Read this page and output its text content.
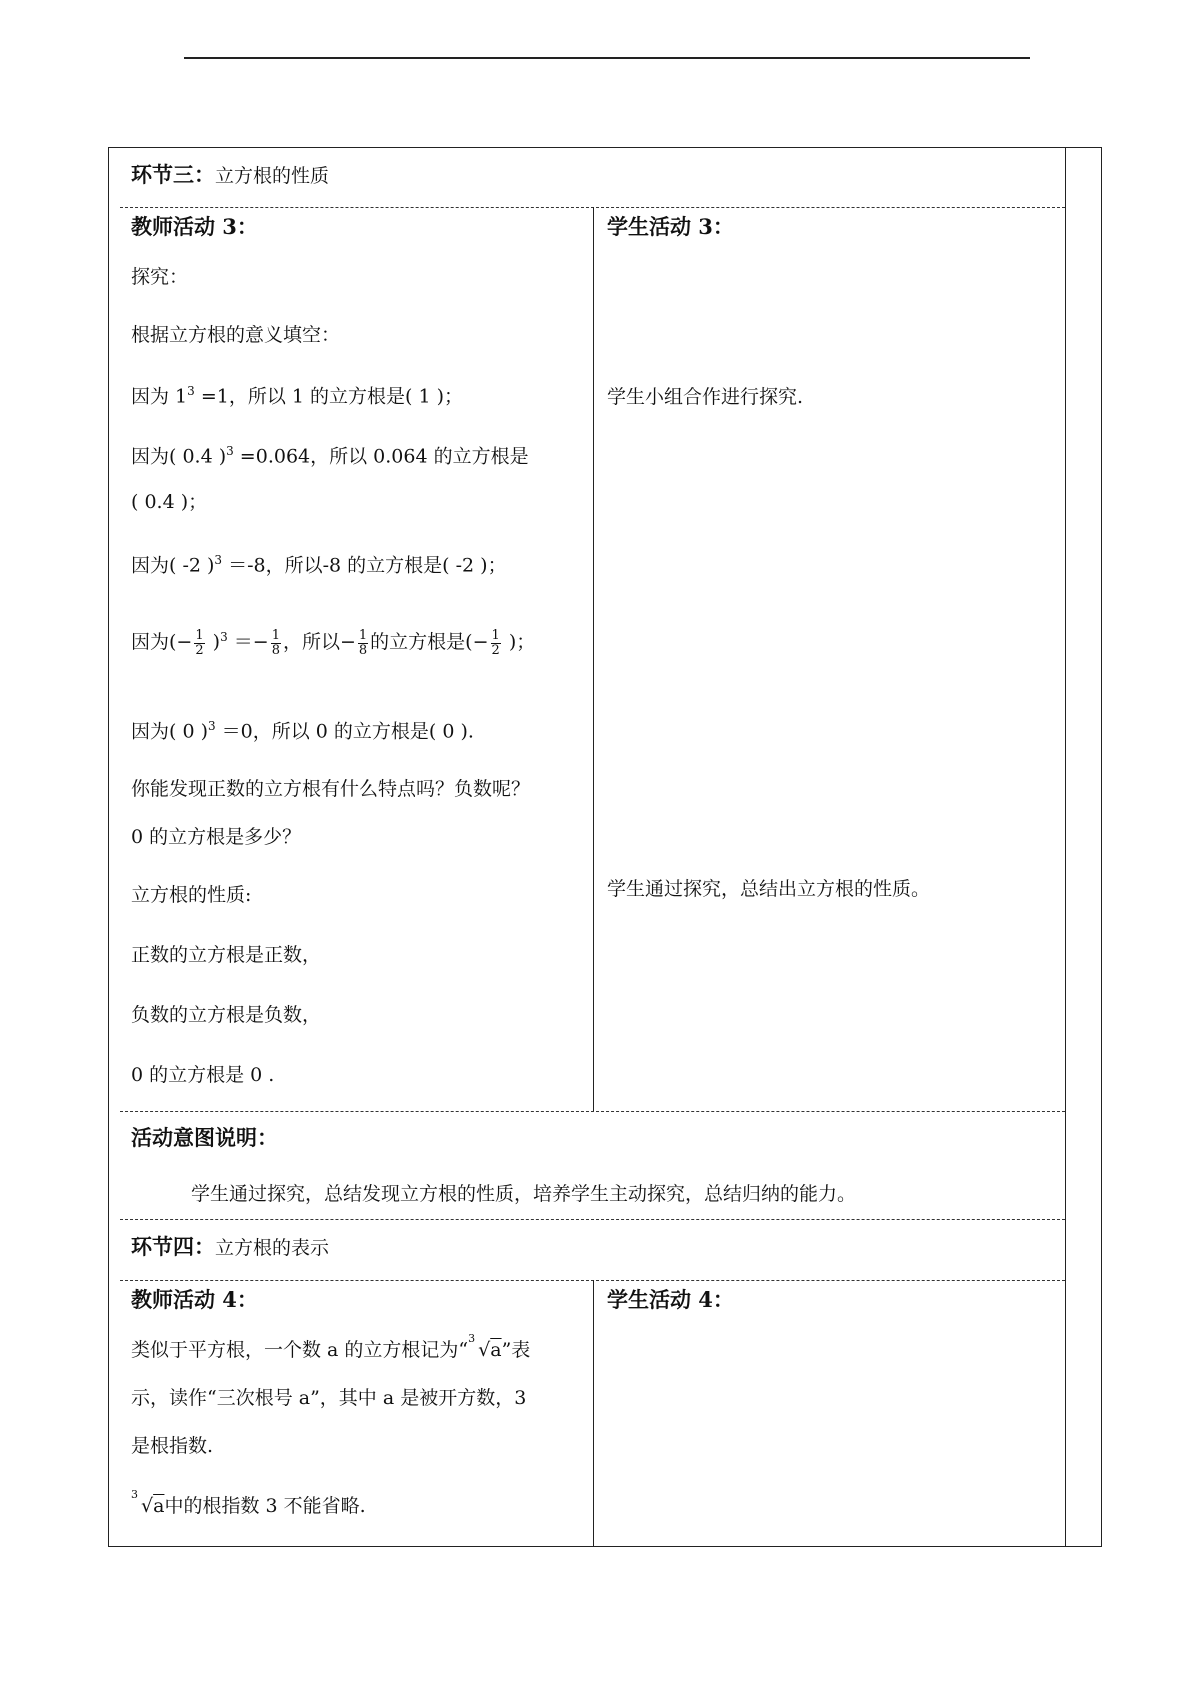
环节三：立方根的性质
教师活动 3：
探究：
根据立方根的意义填空：
因为 $1^3 =1$，所以 1 的立方根是( 1 )；
因为( 0.4 )$^3$ =0.064，所以 0.064 的立方根是
( 0.4 )；
因为( -2 )$^3$ ＝-8，所以-8 的立方根是( -2 )；
因为(− $\frac{1}{2} )^3 =- \frac{1}{8}$ ，所以− $\frac{1}{8}$ 的立方根是(− $\frac{1}{2}$ )；
因为( 0 )$^3$ ＝0，所以 0 的立方根是( 0 ).
你能发现正数的立方根有什么特点吗？负数呢？
0 的立方根是多少？
立方根的性质:
正数的立方根是正数，
负数的立方根是负数，
0 的立方根是 0 .
学生活动 3：
学生小组合作进行探究.
学生通过探究，总结出立方根的性质。
活动意图说明：
学生通过探究，总结发现立方根的性质，培养学生主动探究，总结归纳的能力。
环节四：立方根的表示
教师活动 4：
类似于平方根，一个数 a 的立方根记为“
3
√a”表
示，读作“三次根号 a”，其中 a 是被开方数，3
是根指数.
3
√a中的根指数 3 不能省略.
学生活动 4：
